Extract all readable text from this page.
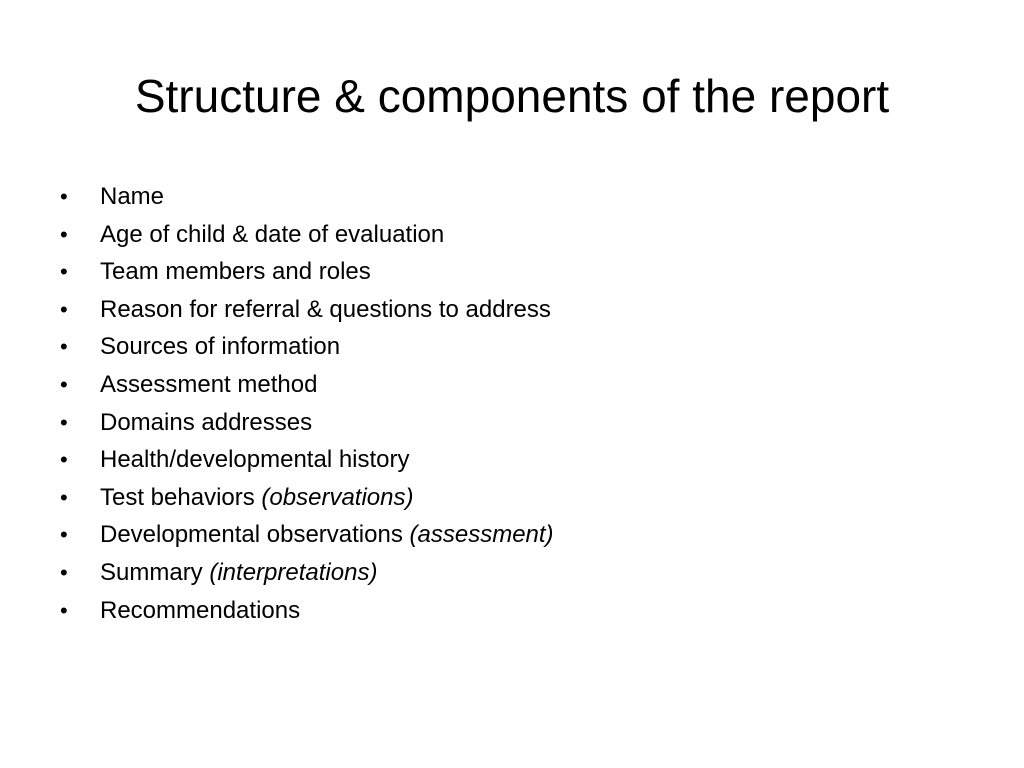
Structure & components of the report
•	Name
•	Age of child & date of evaluation
•	Team members and roles
•	Reason for referral & questions to address
•	Sources of information
•	Assessment method
•	Domains addresses
•	Health/developmental history
•	Test behaviors (observations)
•	Developmental observations (assessment)
•	Summary (interpretations)
•	Recommendations
